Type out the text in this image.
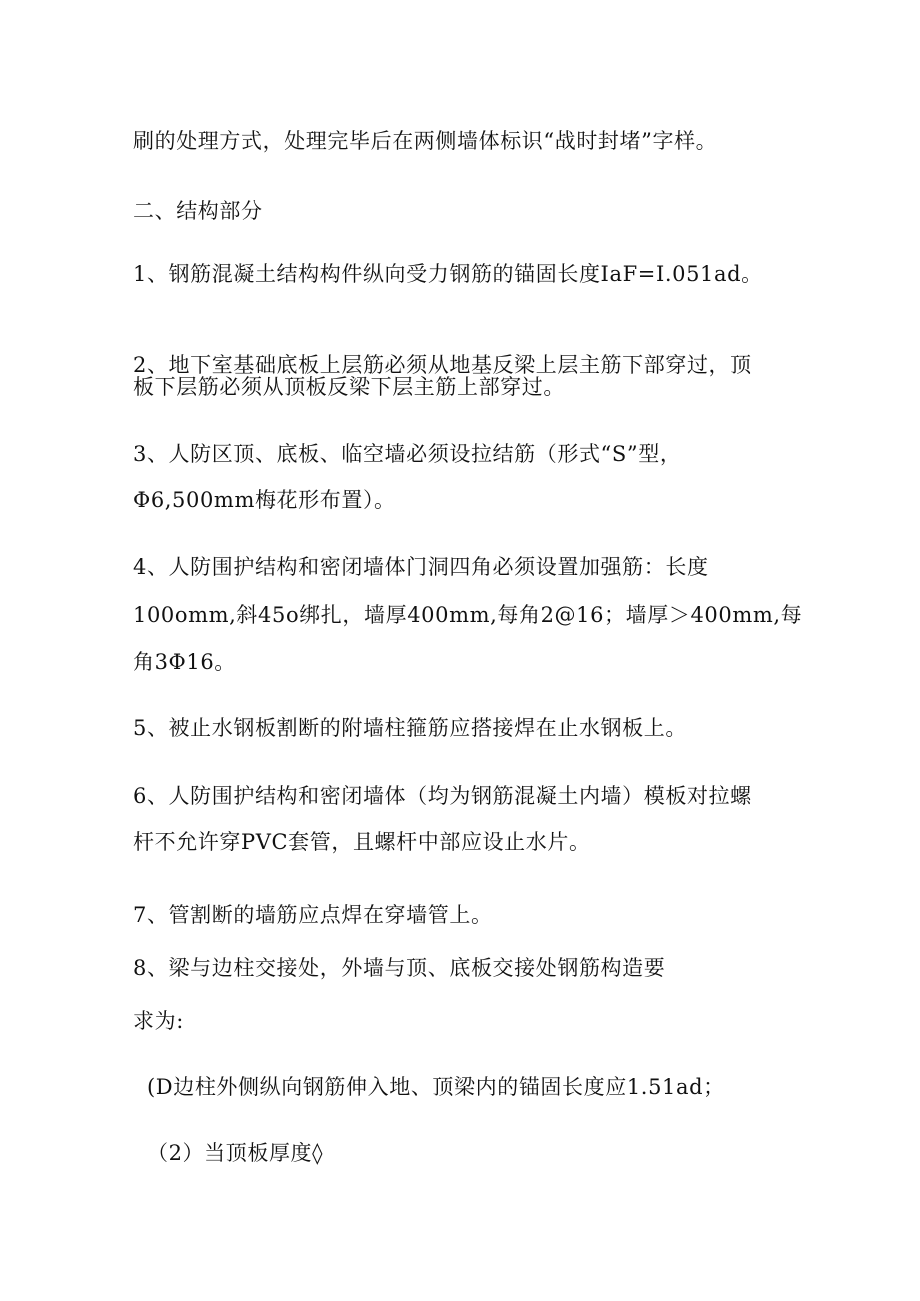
刷的处理方式，处理完毕后在两侧墙体标识“战时封堵”字样。
二、结构部分
1、钢筋混凝土结构构件纵向受力钢筋的锚固长度IaF=I.051ad。
2、地下室基础底板上层筋必须从地基反梁上层主筋下部穿过，顶
板下层筋必须从顶板反梁下层主筋上部穿过。
3、人防区顶、底板、临空墙必须设拉结筋（形式“S”型，
Φ6,500mm梅花形布置）。
4、人防围护结构和密闭墙体门洞四角必须设置加强筋：长度
100omm,斜45o绑扎，墙厚400mm,每角2@16；墙厚＞400mm,每
角3Φ16。
5、被止水钢板割断的附墙柱箍筋应搭接焊在止水钢板上。
6、人防围护结构和密闭墙体（均为钢筋混凝土内墙）模板对拉螺
杆不允许穿PVC套管，且螺杆中部应设止水片。
7、管割断的墙筋应点焊在穿墙管上。
8、梁与边柱交接处，外墙与顶、底板交接处钢筋构造要
求为:
(D边柱外侧纵向钢筋伸入地、顶梁内的锚固长度应1.51ad；
（2）当顶板厚度◊
